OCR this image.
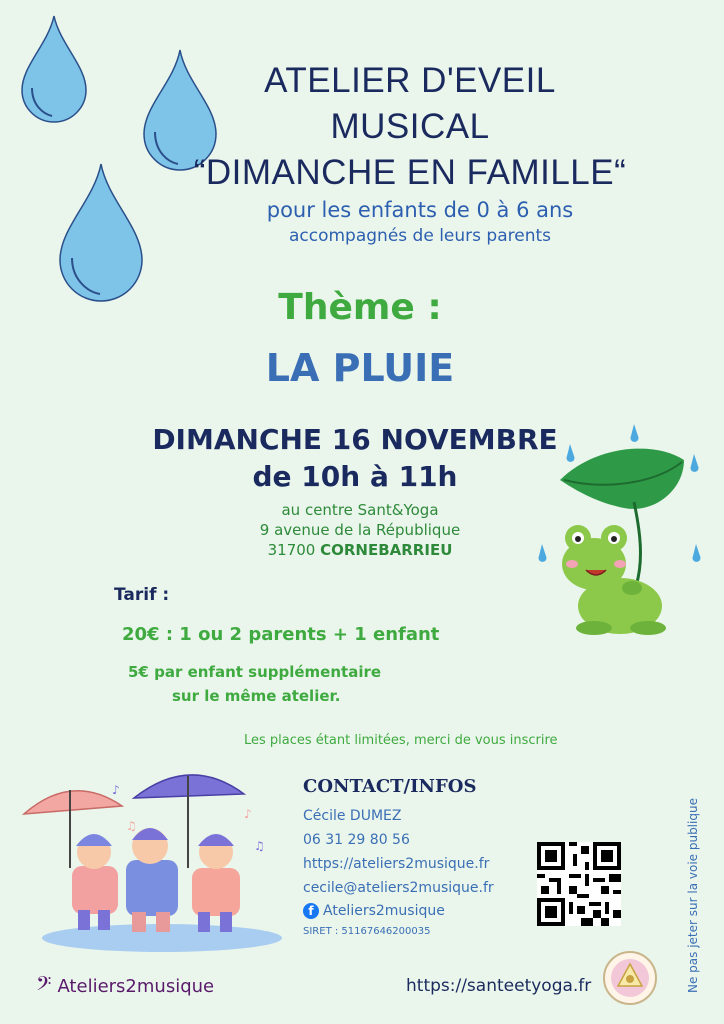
ATELIER D'EVEIL
MUSICAL
“DIMANCHE EN FAMILLE“
pour les enfants de 0 à 6 ans
accompagnés de leurs parents
Thème :
LA PLUIE
DIMANCHE 16 NOVEMBRE
de 10h à 11h
au centre Sant&Yoga
9 avenue de la République
31700 CORNEBARRIEU
Tarif :
20€ : 1 ou 2 parents + 1 enfant
5€ par enfant supplémentaire
sur le même atelier.
Les places étant limitées, merci de vous inscrire
♪
♫
♪
♫
CONTACT/INFOS
Cécile DUMEZ
06 31 29 80 56
https://ateliers2musique.fr
cecile@ateliers2musique.fr
f Ateliers2musique
SIRET : 51167646200035
𝄢 Ateliers2musique	https://santeetyoga.fr	Ne pas jeter sur la voie publique
